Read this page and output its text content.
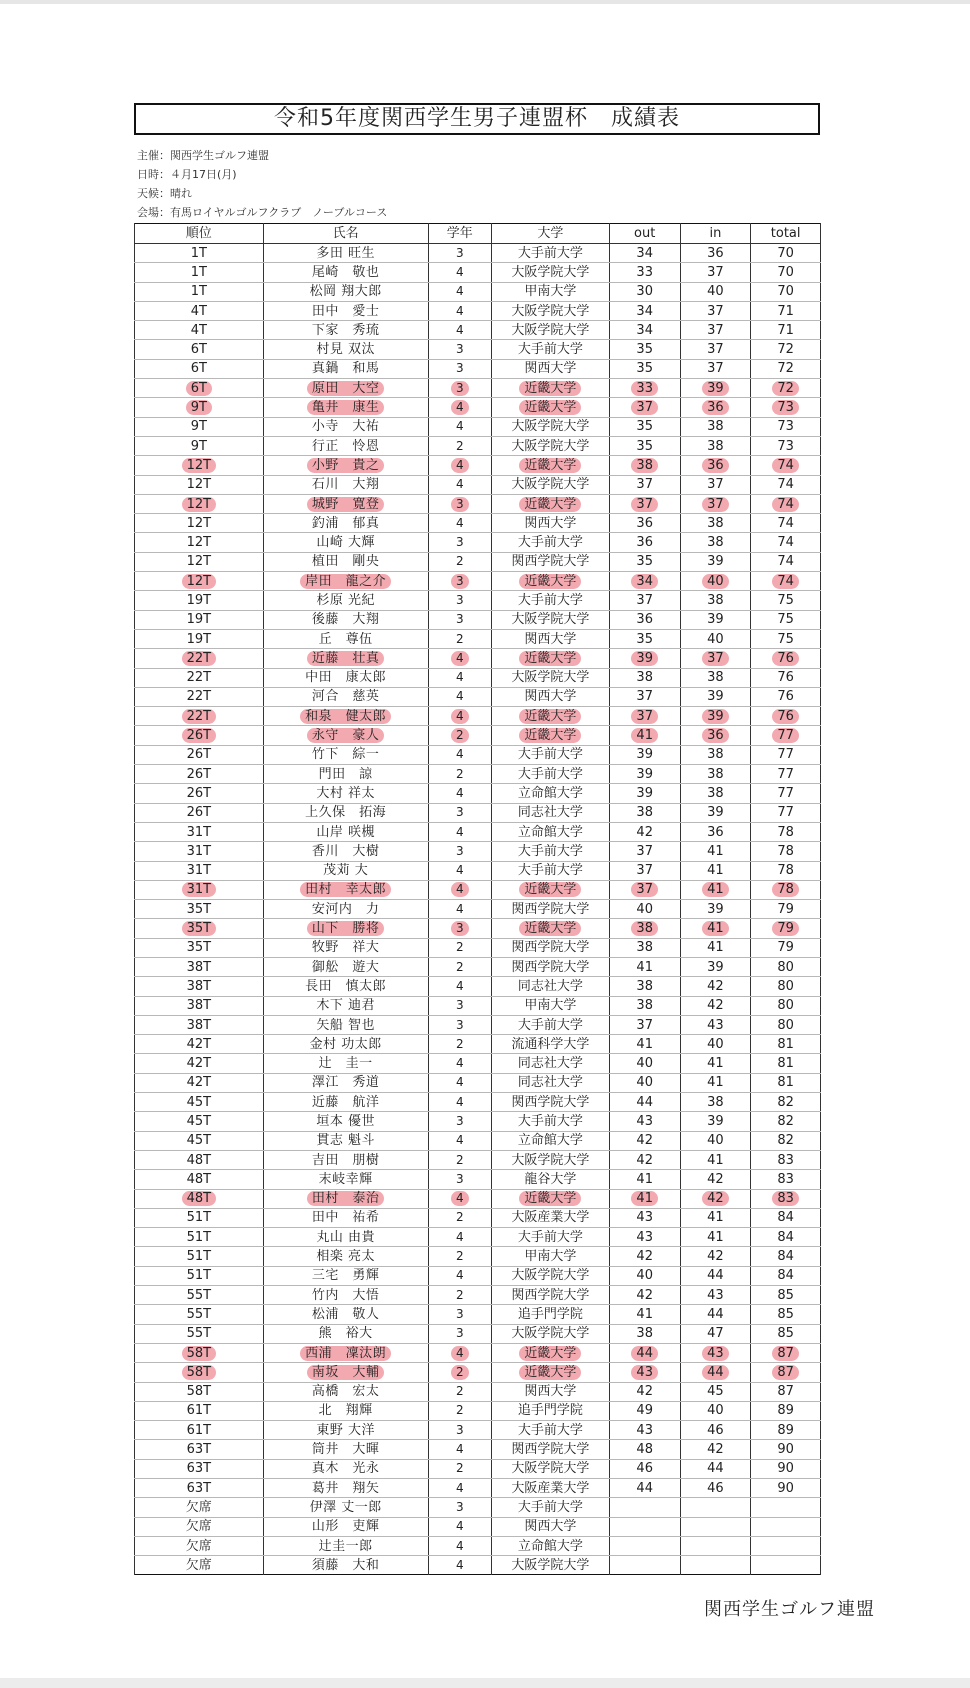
令和5年度関西学生男子連盟杯　成績表
主催：関西学生ゴルフ連盟
日時：４月17日(月)
天候：晴れ
会場：有馬ロイヤルゴルフクラブ　ノーブルコース
順位	氏名	学年	大学	out	in	total
1T	多田 旺生	3	大手前大学	34	36	70
1T	尾崎　敬也	4	大阪学院大学	33	37	70
1T	松岡 翔大郎	4	甲南大学	30	40	70
4T	田中　愛士	4	大阪学院大学	34	37	71
4T	下家　秀琉	4	大阪学院大学	34	37	71
6T	村見 双汰	3	大手前大学	35	37	72
6T	真鍋　和馬	3	関西大学	35	37	72
6T	原田　大空	3	近畿大学	33	39	72
9T	亀井　康生	4	近畿大学	37	36	73
9T	小寺　大祐	4	大阪学院大学	35	38	73
9T	行正　怜恩	2	大阪学院大学	35	38	73
12T	小野　貴之	4	近畿大学	38	36	74
12T	石川　大翔	4	大阪学院大学	37	37	74
12T	城野　寛登	3	近畿大学	37	37	74
12T	釣浦　郁真	4	関西大学	36	38	74
12T	山崎 大輝	3	大手前大学	36	38	74
12T	植田　剛央	2	関西学院大学	35	39	74
12T	岸田　龍之介	3	近畿大学	34	40	74
19T	杉原 光紀	3	大手前大学	37	38	75
19T	後藤　大翔	3	大阪学院大学	36	39	75
19T	丘　尊伍	2	関西大学	35	40	75
22T	近藤　壮真	4	近畿大学	39	37	76
22T	中田　康太郎	4	大阪学院大学	38	38	76
22T	河合　慈英	4	関西大学	37	39	76
22T	和泉　健太郎	4	近畿大学	37	39	76
26T	永守　豪人	2	近畿大学	41	36	77
26T	竹下　綜一	4	大手前大学	39	38	77
26T	門田　諒	2	大手前大学	39	38	77
26T	大村 祥太	4	立命館大学	39	38	77
26T	上久保　拓海	3	同志社大学	38	39	77
31T	山岸 咲槻	4	立命館大学	42	36	78
31T	香川　大樹	3	大手前大学	37	41	78
31T	茂苅 大	4	大手前大学	37	41	78
31T	田村　幸太郎	4	近畿大学	37	41	78
35T	安河内　力	4	関西学院大学	40	39	79
35T	山下　勝将	3	近畿大学	38	41	79
35T	牧野　祥大	2	関西学院大学	38	41	79
38T	御舩　遊大	2	関西学院大学	41	39	80
38T	長田　慎太郎	4	同志社大学	38	42	80
38T	木下 迪君	3	甲南大学	38	42	80
38T	矢船 智也	3	大手前大学	37	43	80
42T	金村 功太郎	2	流通科学大学	41	40	81
42T	辻　圭一	4	同志社大学	40	41	81
42T	澤江　秀道	4	同志社大学	40	41	81
45T	近藤　航洋	4	関西学院大学	44	38	82
45T	垣本 優世	3	大手前大学	43	39	82
45T	貫志 魁斗	4	立命館大学	42	40	82
48T	吉田　朋樹	2	大阪学院大学	42	41	83
48T	末岐幸輝	3	龍谷大学	41	42	83
48T	田村　泰治	4	近畿大学	41	42	83
51T	田中　祐希	2	大阪産業大学	43	41	84
51T	丸山 由貴	4	大手前大学	43	41	84
51T	相楽 亮太	2	甲南大学	42	42	84
51T	三宅　勇輝	4	大阪学院大学	40	44	84
55T	竹内　大悟	2	関西学院大学	42	43	85
55T	松浦　敬人	3	追手門学院	41	44	85
55T	熊　裕大	3	大阪学院大学	38	47	85
58T	西浦　凜汰朗	4	近畿大学	44	43	87
58T	南坂　大輔	2	近畿大学	43	44	87
58T	高橋　宏太	2	関西大学	42	45	87
61T	北　翔輝	2	追手門学院	49	40	89
61T	東野 大洋	3	大手前大学	43	46	89
63T	筒井　大暉	4	関西学院大学	48	42	90
63T	真木　光永	2	大阪学院大学	46	44	90
63T	葛井　翔矢	4	大阪産業大学	44	46	90
欠席	伊澤 丈一郎	3	大手前大学			
欠席	山形　吏輝	4	関西大学			
欠席	辻圭一郎	4	立命館大学			
欠席	須藤　大和	4	大阪学院大学			
関西学生ゴルフ連盟
